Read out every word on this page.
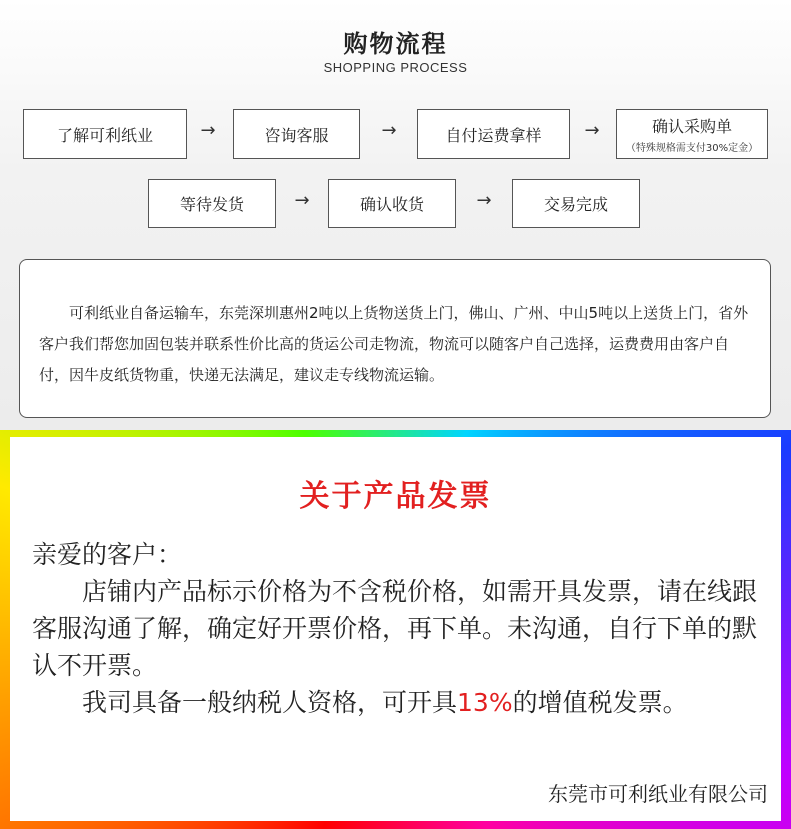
购物流程
SHOPPING PROCESS
了解可利纸业	→	咨询客服	→	自付运费拿样	→	确认采购单
（特殊规格需支付30%定金）
等待发货	→	确认收货	→	交易完成

可利纸业自备运输车，东莞深圳惠州2吨以上货物送货上门，佛山、广州、中山5吨以上送货上门，省外客户我们帮您加固包装并联系性价比高的货运公司走物流，物流可以随客户自己选择，运费费用由客户自付，因牛皮纸货物重，快递无法满足，建议走专线物流运输。

关于产品发票

亲爱的客户：

店铺内产品标示价格为不含税价格，如需开具发票，请在线跟客服沟通了解，确定好开票价格，再下单。未沟通，自行下单的默认不开票。

我司具备一般纳税人资格，可开具13%的增值税发票。

东莞市可利纸业有限公司
